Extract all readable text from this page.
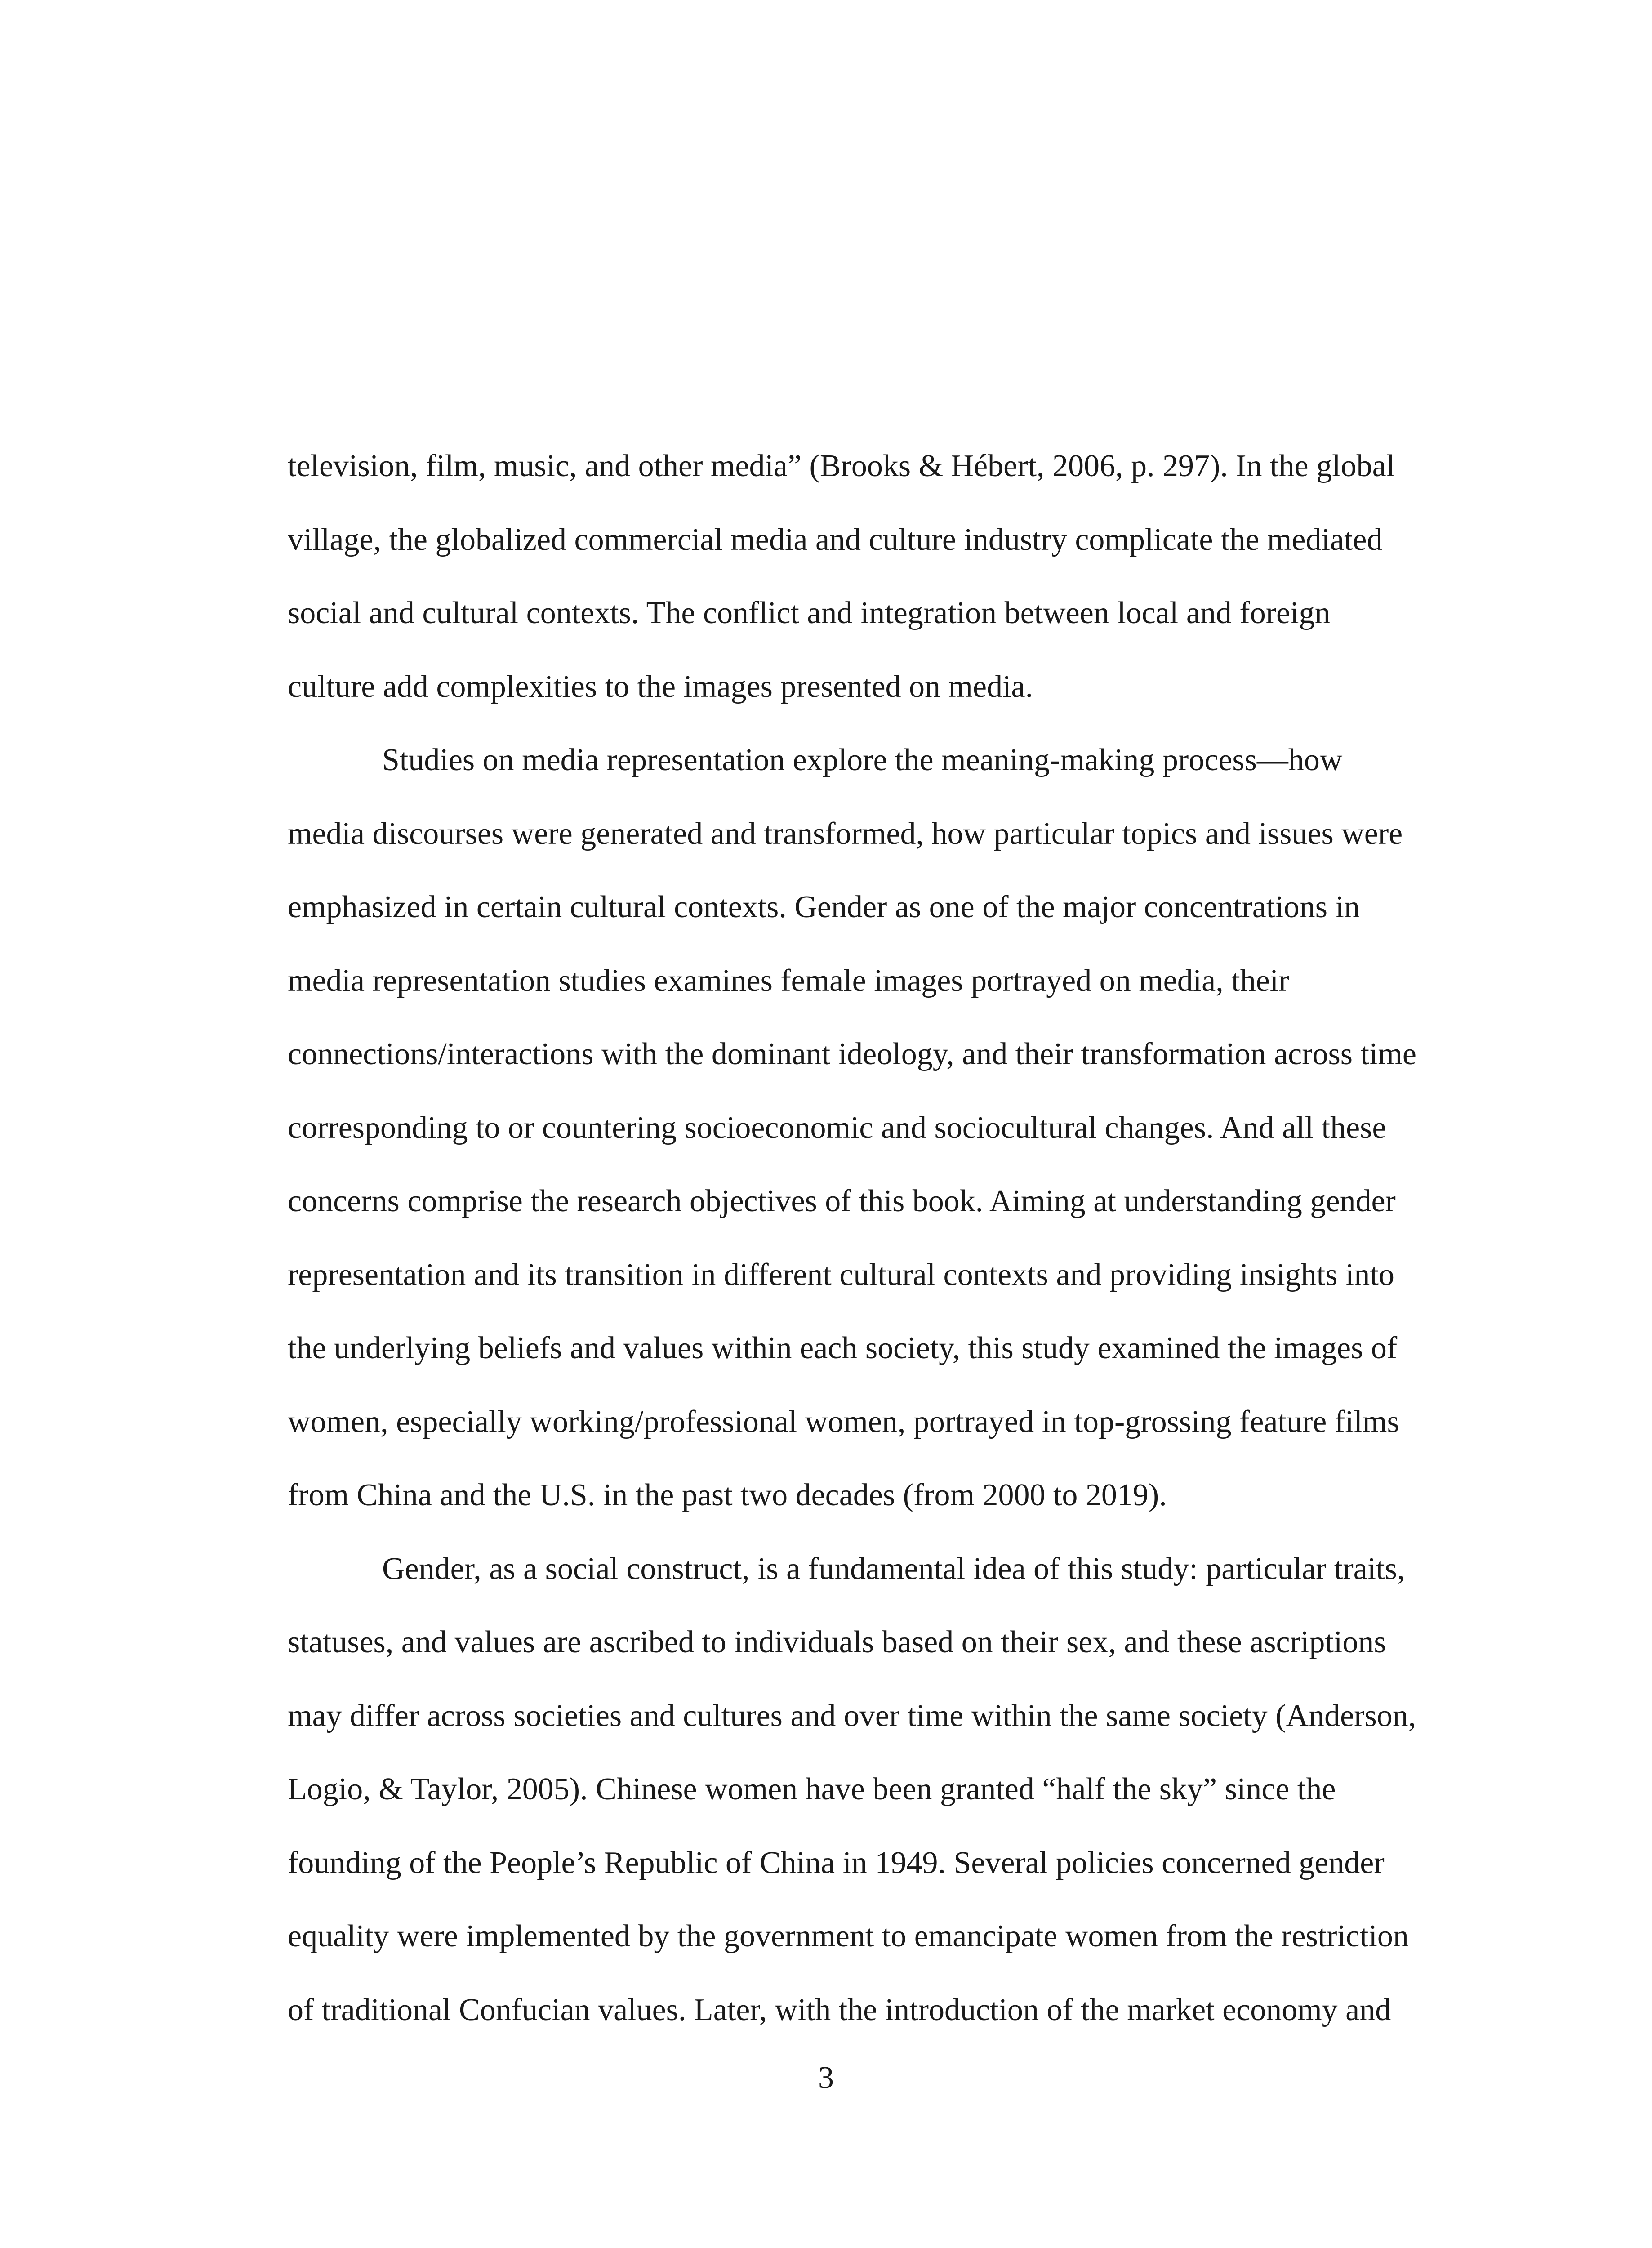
television, film, music, and other media” (Brooks & Hébert, 2006, p. 297). In the global
village, the globalized commercial media and culture industry complicate the mediated
social and cultural contexts. The conflict and integration between local and foreign
culture add complexities to the images presented on media.
Studies on media representation explore the meaning-making process—how
media discourses were generated and transformed, how particular topics and issues were
emphasized in certain cultural contexts. Gender as one of the major concentrations in
media representation studies examines female images portrayed on media, their
connections/interactions with the dominant ideology, and their transformation across time
corresponding to or countering socioeconomic and sociocultural changes. And all these
concerns comprise the research objectives of this book. Aiming at understanding gender
representation and its transition in different cultural contexts and providing insights into
the underlying beliefs and values within each society, this study examined the images of
women, especially working/professional women, portrayed in top-grossing feature films
from China and the U.S. in the past two decades (from 2000 to 2019).
Gender, as a social construct, is a fundamental idea of this study: particular traits,
statuses, and values are ascribed to individuals based on their sex, and these ascriptions
may differ across societies and cultures and over time within the same society (Anderson,
Logio, & Taylor, 2005). Chinese women have been granted “half the sky” since the
founding of the People’s Republic of China in 1949. Several policies concerned gender
equality were implemented by the government to emancipate women from the restriction
of traditional Confucian values. Later, with the introduction of the market economy and
3
